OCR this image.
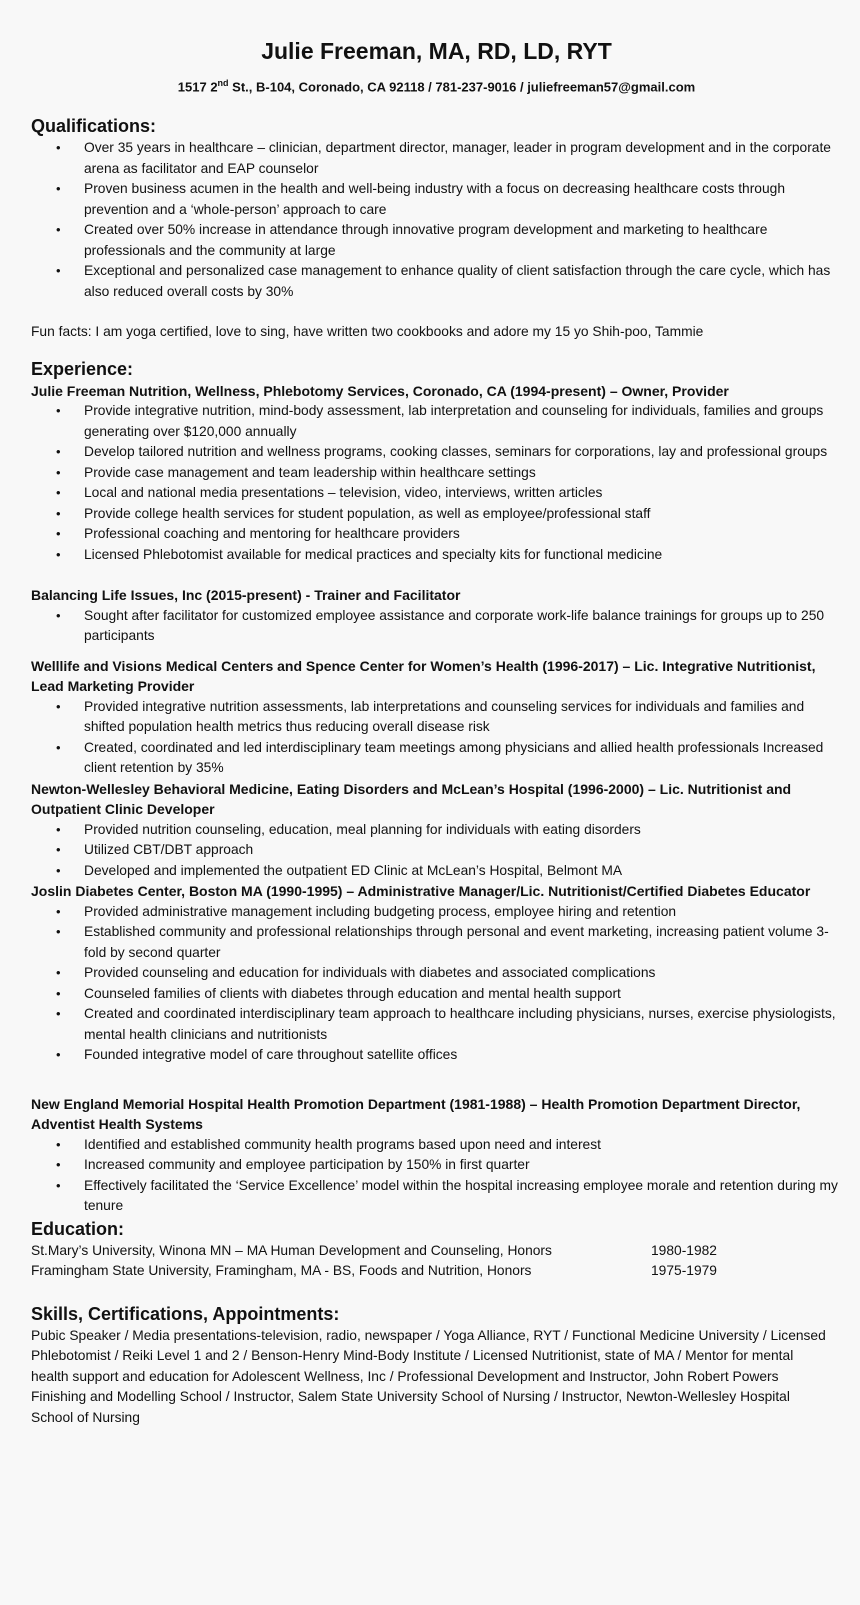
Julie Freeman, MA, RD, LD, RYT
1517 2nd St., B-104, Coronado, CA 92118 / 781-237-9016 / juliefreeman57@gmail.com
Qualifications:
• Over 35 years in healthcare – clinician, department director, manager, leader in program development and in the corporate arena as facilitator and EAP counselor
• Proven business acumen in the health and well-being industry with a focus on decreasing healthcare costs through prevention and a ‘whole-person’ approach to care
• Created over 50% increase in attendance through innovative program development and marketing to healthcare professionals and the community at large
• Exceptional and personalized case management to enhance quality of client satisfaction through the care cycle, which has also reduced overall costs by 30%
Fun facts: I am yoga certified, love to sing, have written two cookbooks and adore my 15 yo Shih-poo, Tammie
Experience:
Julie Freeman Nutrition, Wellness, Phlebotomy Services, Coronado, CA (1994-present) – Owner, Provider
• Provide integrative nutrition, mind-body assessment, lab interpretation and counseling for individuals, families and groups generating over $120,000 annually
• Develop tailored nutrition and wellness programs, cooking classes, seminars for corporations, lay and professional groups
• Provide case management and team leadership within healthcare settings
• Local and national media presentations – television, video, interviews, written articles
• Provide college health services for student population, as well as employee/professional staff
• Professional coaching and mentoring for healthcare providers
• Licensed Phlebotomist available for medical practices and specialty kits for functional medicine
Balancing Life Issues, Inc (2015-present) - Trainer and Facilitator
• Sought after facilitator for customized employee assistance and corporate work-life balance trainings for groups up to 250 participants
Welllife and Visions Medical Centers and Spence Center for Women’s Health (1996-2017) – Lic. Integrative Nutritionist, Lead Marketing Provider
• Provided integrative nutrition assessments, lab interpretations and counseling services for individuals and families and shifted population health metrics thus reducing overall disease risk
• Created, coordinated and led interdisciplinary team meetings among physicians and allied health professionals Increased client retention by 35%
Newton-Wellesley Behavioral Medicine, Eating Disorders and McLean’s Hospital (1996-2000) – Lic. Nutritionist and Outpatient Clinic Developer
• Provided nutrition counseling, education, meal planning for individuals with eating disorders
• Utilized CBT/DBT approach
• Developed and implemented the outpatient ED Clinic at McLean’s Hospital, Belmont MA
Joslin Diabetes Center, Boston MA (1990-1995) – Administrative Manager/Lic. Nutritionist/Certified Diabetes Educator
• Provided administrative management including budgeting process, employee hiring and retention
• Established community and professional relationships through personal and event marketing, increasing patient volume 3-fold by second quarter
• Provided counseling and education for individuals with diabetes and associated complications
• Counseled families of clients with diabetes through education and mental health support
• Created and coordinated interdisciplinary team approach to healthcare including physicians, nurses, exercise physiologists, mental health clinicians and nutritionists
• Founded integrative model of care throughout satellite offices
New England Memorial Hospital Health Promotion Department (1981-1988) – Health Promotion Department Director, Adventist Health Systems
• Identified and established community health programs based upon need and interest
• Increased community and employee participation by 150% in first quarter
• Effectively facilitated the ‘Service Excellence’ model within the hospital increasing employee morale and retention during my tenure
Education:
St.Mary’s University, Winona MN – MA Human Development and Counseling, Honors	1980-1982
Framingham State University, Framingham, MA - BS, Foods and Nutrition, Honors	1975-1979
Skills, Certifications, Appointments:
Pubic Speaker / Media presentations-television, radio, newspaper / Yoga Alliance, RYT / Functional Medicine University / Licensed Phlebotomist / Reiki Level 1 and 2 / Benson-Henry Mind-Body Institute / Licensed Nutritionist, state of MA / Mentor for mental health support and education for Adolescent Wellness, Inc / Professional Development and Instructor, John Robert Powers Finishing and Modelling School / Instructor, Salem State University School of Nursing / Instructor, Newton-Wellesley Hospital School of Nursing
